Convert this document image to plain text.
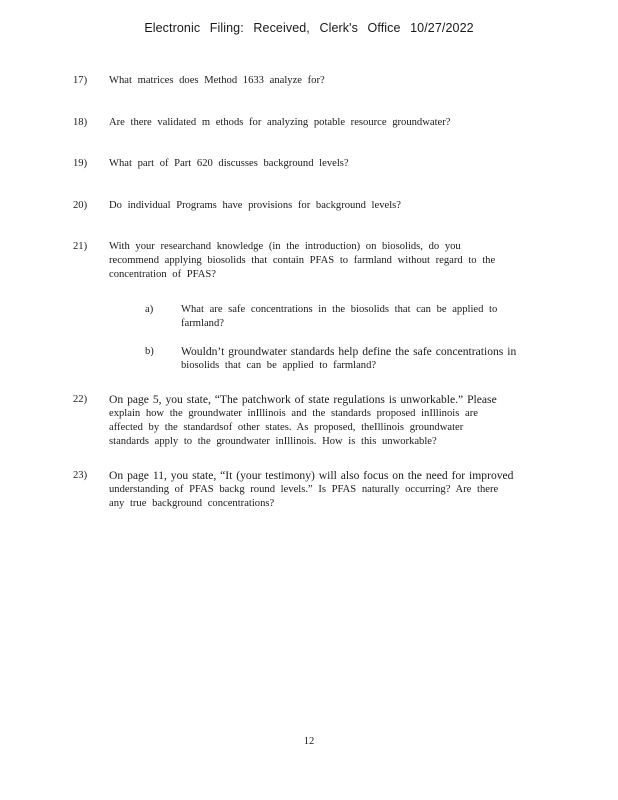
Electronic Filing: Received, Clerk's Office 10/27/2022
17)	What matrices does Method 1633 analyze for?
18)	Are there validated m ethods for analyzing potable resource groundwater?
19)	What part of Part 620 discusses background levels?
20)	Do individual Programs have provisions for background levels?
21)	With your researchand knowledge (in the introduction) on biosolids, do you
recommend applying biosolids that contain PFAS to farmland without regard to the
concentration of PFAS?
a)	What are safe concentrations in the biosolids that can be applied to
farmland?
b) Wouldn’t groundwater standards help define the safe concentrations in
biosolids that can be applied to farmland?
22)	On page 5, you state, “The patchwork of state regulations is unworkable.” Please
explain how the groundwater inIllinois and the standards proposed inIllinois are
affected by the standardsof other states. As proposed, theIllinois groundwater
standards apply to the groundwater inIllinois. How is this unworkable?
23)	On page 11, you state, “It (your testimony) will also focus on the need for improved
understanding of PFAS backg round levels.” Is PFAS naturally occurring? Are there
any true background concentrations?
12
